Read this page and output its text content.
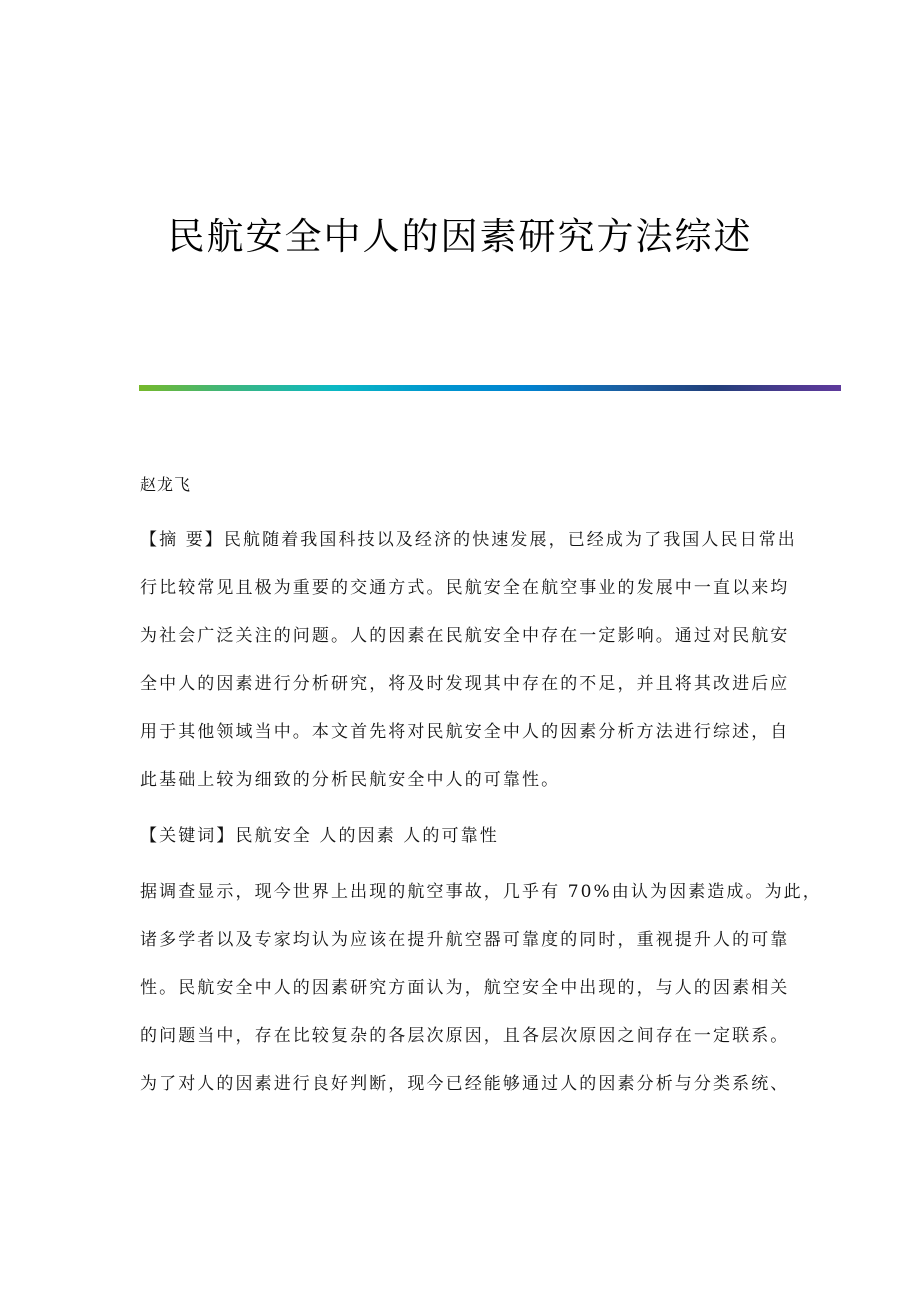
民航安全中人的因素研究方法综述
赵龙飞
【摘 要】民航随着我国科技以及经济的快速发展，已经成为了我国人民日常出
行比较常见且极为重要的交通方式。民航安全在航空事业的发展中一直以来均
为社会广泛关注的问题。人的因素在民航安全中存在一定影响。通过对民航安
全中人的因素进行分析研究，将及时发现其中存在的不足，并且将其改进后应
用于其他领域当中。本文首先将对民航安全中人的因素分析方法进行综述，自
此基础上较为细致的分析民航安全中人的可靠性。
【关键词】民航安全 人的因素 人的可靠性
据调查显示，现今世界上出现的航空事故，几乎有 70%由认为因素造成。为此，
诸多学者以及专家均认为应该在提升航空器可靠度的同时，重视提升人的可靠
性。民航安全中人的因素研究方面认为，航空安全中出现的，与人的因素相关
的问题当中，存在比较复杂的各层次原因，且各层次原因之间存在一定联系。
为了对人的因素进行良好判断，现今已经能够通过人的因素分析与分类系统、
